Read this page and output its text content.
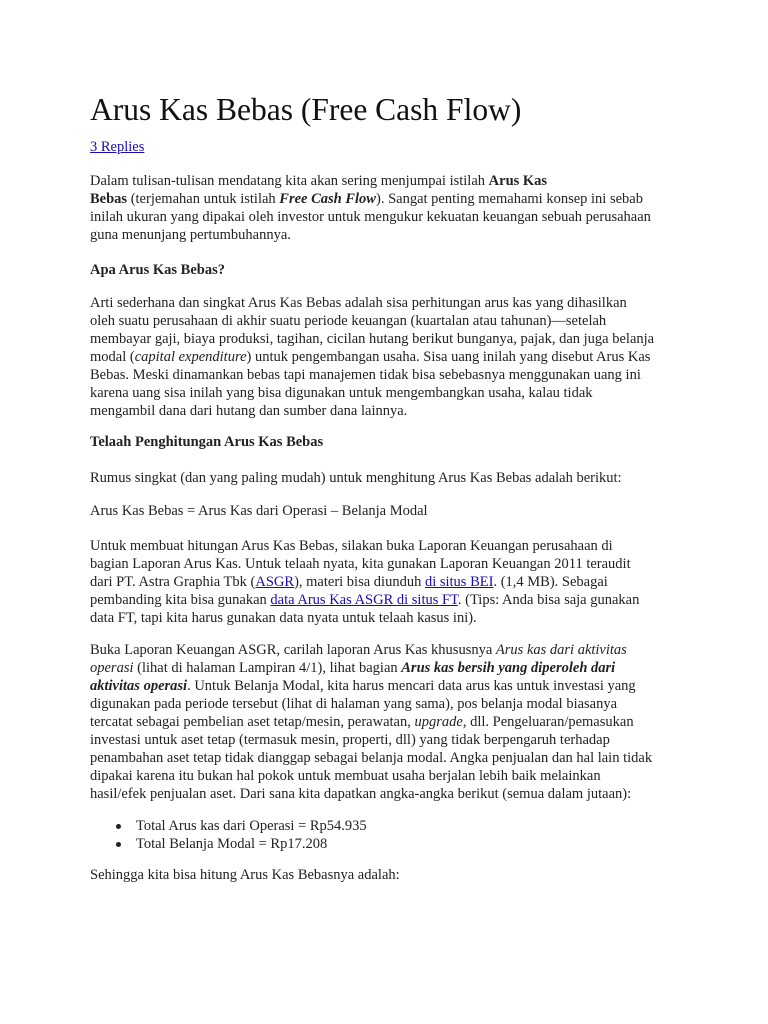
Arus Kas Bebas (Free Cash Flow)
3 Replies

Dalam tulisan-tulisan mendatang kita akan sering menjumpai istilah Arus Kas
Bebas (terjemahan untuk istilah Free Cash Flow). Sangat penting memahami konsep ini sebab
inilah ukuran yang dipakai oleh investor untuk mengukur kekuatan keuangan sebuah perusahaan
guna menunjang pertumbuhannya.

Apa Arus Kas Bebas?

Arti sederhana dan singkat Arus Kas Bebas adalah sisa perhitungan arus kas yang dihasilkan
oleh suatu perusahaan di akhir suatu periode keuangan (kuartalan atau tahunan)—setelah
membayar gaji, biaya produksi, tagihan, cicilan hutang berikut bunganya, pajak, dan juga belanja
modal (capital expenditure) untuk pengembangan usaha. Sisa uang inilah yang disebut Arus Kas
Bebas. Meski dinamankan bebas tapi manajemen tidak bisa sebebasnya menggunakan uang ini
karena uang sisa inilah yang bisa digunakan untuk mengembangkan usaha, kalau tidak
mengambil dana dari hutang dan sumber dana lainnya.

Telaah Penghitungan Arus Kas Bebas

Rumus singkat (dan yang paling mudah) untuk menghitung Arus Kas Bebas adalah berikut:

Arus Kas Bebas = Arus Kas dari Operasi – Belanja Modal

Untuk membuat hitungan Arus Kas Bebas, silakan buka Laporan Keuangan perusahaan di
bagian Laporan Arus Kas. Untuk telaah nyata, kita gunakan Laporan Keuangan 2011 teraudit
dari PT. Astra Graphia Tbk (ASGR), materi bisa diunduh di situs BEI. (1,4 MB). Sebagai
pembanding kita bisa gunakan data Arus Kas ASGR di situs FT. (Tips: Anda bisa saja gunakan
data FT, tapi kita harus gunakan data nyata untuk telaah kasus ini).

Buka Laporan Keuangan ASGR, carilah laporan Arus Kas khususnya Arus kas dari aktivitas
operasi (lihat di halaman Lampiran 4/1), lihat bagian Arus kas bersih yang diperoleh dari
aktivitas operasi. Untuk Belanja Modal, kita harus mencari data arus kas untuk investasi yang
digunakan pada periode tersebut (lihat di halaman yang sama), pos belanja modal biasanya
tercatat sebagai pembelian aset tetap/mesin, perawatan, upgrade, dll. Pengeluaran/pemasukan
investasi untuk aset tetap (termasuk mesin, properti, dll) yang tidak berpengaruh terhadap
penambahan aset tetap tidak dianggap sebagai belanja modal. Angka penjualan dan hal lain tidak
dipakai karena itu bukan hal pokok untuk membuat usaha berjalan lebih baik melainkan
hasil/efek penjualan aset. Dari sana kita dapatkan angka-angka berikut (semua dalam jutaan):

Total Arus kas dari Operasi = Rp54.935
Total Belanja Modal = Rp17.208

Sehingga kita bisa hitung Arus Kas Bebasnya adalah:
